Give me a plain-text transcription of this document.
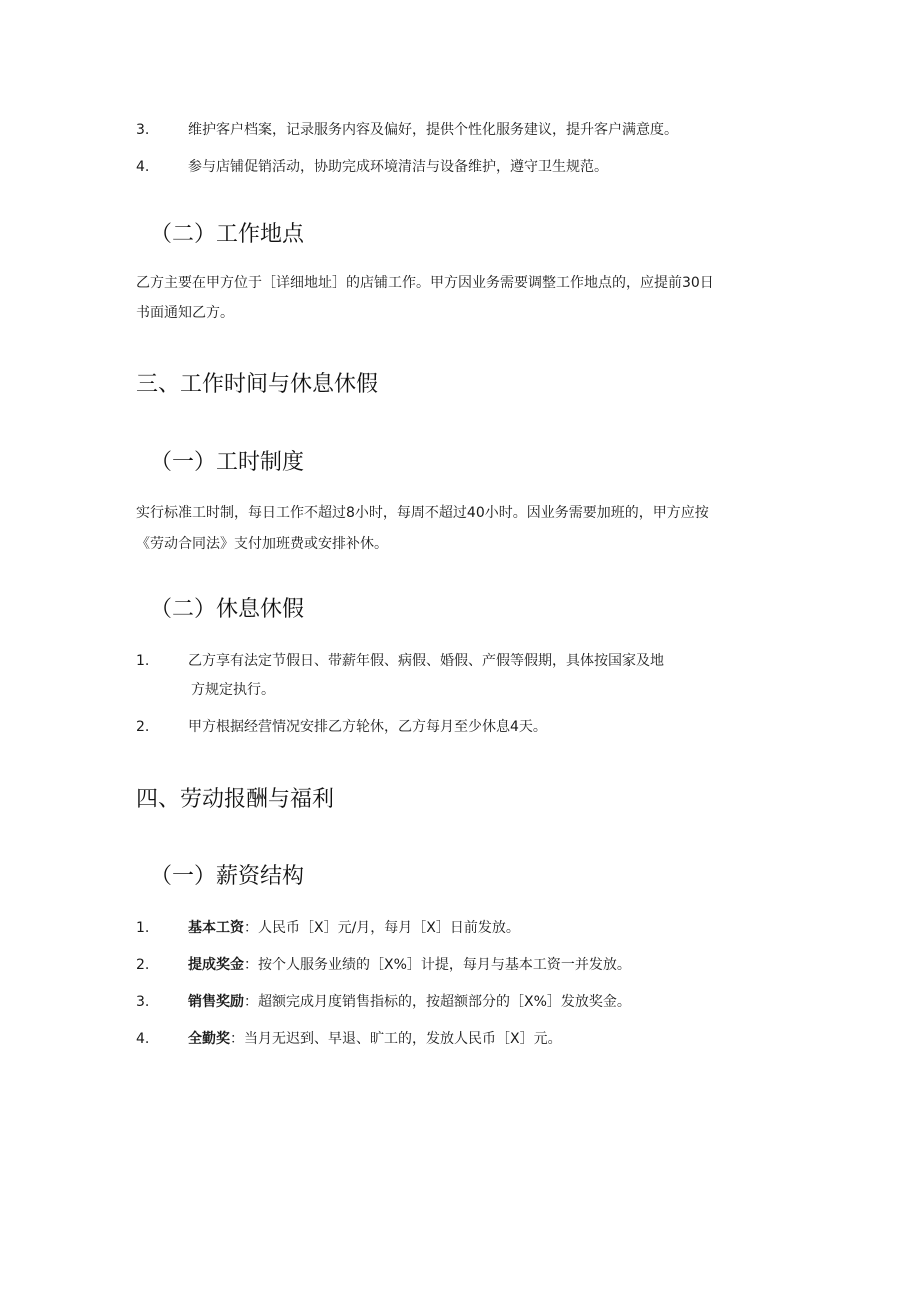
3.	维护客户档案，记录服务内容及偏好，提供个性化服务建议，提升客户满意度。
4.	参与店铺促销活动，协助完成环境清洁与设备维护，遵守卫生规范。
（二）工作地点
乙方主要在甲方位于［详细地址］的店铺工作。甲方因业务需要调整工作地点的，应提前30日
书面通知乙方。
三、工作时间与休息休假
（一）工时制度
实行标准工时制，每日工作不超过8小时，每周不超过40小时。因业务需要加班的，甲方应按
《劳动合同法》支付加班费或安排补休。
（二）休息休假
1.	乙方享有法定节假日、带薪年假、病假、婚假、产假等假期，具体按国家及地
方规定执行。
2.	甲方根据经营情况安排乙方轮休，乙方每月至少休息4天。
四、劳动报酬与福利
（一）薪资结构
1.	基本工资：人民币［X］元/月，每月［X］日前发放。
2.	提成奖金：按个人服务业绩的［X%］计提，每月与基本工资一并发放。
3.	销售奖励：超额完成月度销售指标的，按超额部分的［X%］发放奖金。
4.	全勤奖：当月无迟到、早退、旷工的，发放人民币［X］元。
